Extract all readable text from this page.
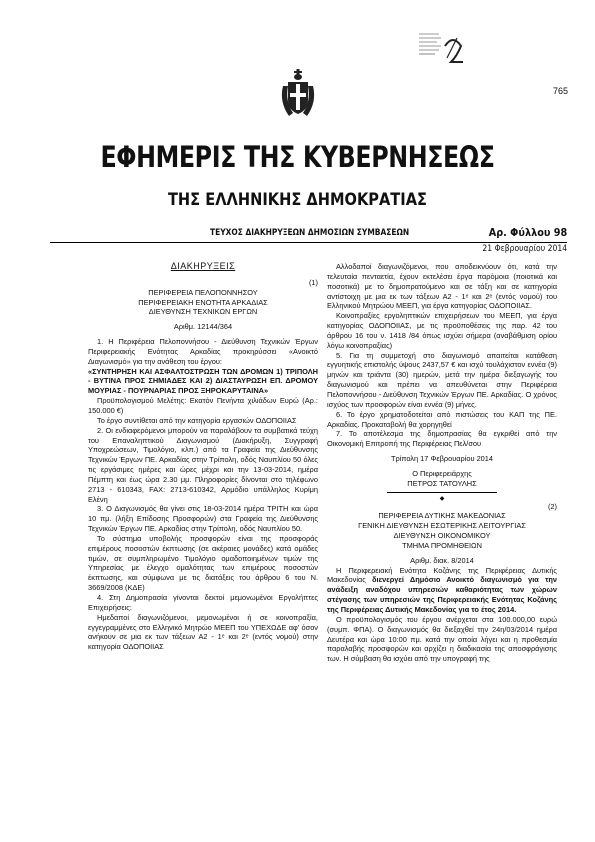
765
ΕΦΗΜΕΡΙΣ ΤΗΣ ΚΥΒΕΡΝΗΣΕΩΣ
ΤΗΣ ΕΛΛΗΝΙΚΗΣ ΔΗΜΟΚΡΑΤΙΑΣ
ΤΕΥΧΟΣ ΔΙΑΚΗΡΥΞΕΩΝ ΔΗΜΟΣΙΩΝ ΣΥΜΒΑΣΕΩΝ	Αρ. Φύλλου 98
21 Φεβρουαρίου 2014

ΔΙΑΚΗΡΥΞΕΙΣ

(1)

ΠΕΡΙΦΕΡΕΙΑ ΠΕΛΟΠΟΝΝΗΣΟΥ

ΠΕΡΙΦΕΡΕΙΑΚΗ ΕΝΟΤΗΤΑ ΑΡΚΑΔΙΑΣ

ΔΙΕΥΘΥΝΣΗ ΤΕΧΝΙΚΩΝ ΕΡΓΩΝ

Αριθμ. 12144/364

1. Η Περιφέρεια Πελοποννήσου - Διεύθυνση Τεχνικών Έργων Περιφερειακής Ενότητας Αρκαδίας προκηρύσσει «Ανοικτό Διαγωνισμό» για την ανάθεση του έργου:

«ΣΥΝΤΗΡΗΣΗ ΚΑΙ ΑΣΦΑΛΤΟΣΤΡΩΣΗ ΤΩΝ ΔΡΟΜΩΝ 1) ΤΡΙΠΟΛΗ - ΒΥΤΙΝΑ ΠΡΟΣ ΣΗΜΙΑΔΕΣ ΚΑΙ 2) ΔΙΑΣΤΑΥΡΩΣΗ ΕΠ. ΔΡΟΜΟΥ ΜΟΥΡΙΑΣ - ΠΟΥΡΝΑΡΙΑΣ ΠΡΟΣ ΞΗΡΟΚΑΡΥΤΑΙΝΑ»

Προϋπολογισμού Μελέτης: Εκατόν Πενήντα χιλιάδων Ευρώ (Αρ.: 150.000 €)

Το έργο συντίθεται από την κατηγορία εργασιών ΟΔΟΠΟΙΙΑΣ

2. Οι ενδιαφερόμενοι μπορούν να παραλάβουν τα συμβατικά τεύχη του Επαναληπτικού Διαγωνισμού (Διακήρυξη, Συγγραφή Υποχρεώσεων, Τιμολόγιο, κλπ.) από τα Γραφεία της Διεύθυνσης Τεχνικών Έργων ΠΕ. Αρκαδίας στην Τρίπολη, οδός Ναυπλίου 50 όλες τις εργάσιμες ημέρες και ώρες μέχρι και την 13-03-2014, ημέρα Πέμπτη και έως ώρα 2.30 μμ. Πληροφορίες δίνονται στο τηλέφωνο 2713 - 610343, FAX: 2713-610342, Αρμόδιο υπάλληλος Κυρίμη Ελένη

3. Ο Διαγωνισμός θα γίνει στις 18-03-2014 ημέρα ΤΡΙΤΗ και ώρα 10 πμ. (λήξη Επίδοσης Προσφορών) στα Γραφεία της Διεύθυνσης Τεχνικών Έργων ΠΕ. Αρκαδίας στην Τρίπολη, οδός Ναυπλίου 50.

Το σύστημα υποβολής προσφορών είναι της προσφοράς επιμέρους ποσοστών έκπτωσης (σε ακέραιες μονάδες) κατά ομάδες τιμών, σε συμπληρωμένο Τιμολόγιο ομαδοποιημένων τιμών της Υπηρεσίας με έλεγχο ομαλότητας των επιμέρους ποσοστών έκπτωσης, και σύμφωνα με τις διατάξεις του άρθρου 6 του Ν. 3669/2008 (ΚΔΕ)

4. Στη Δημοπρασία γίνονται δεκτοί μεμονωμένοι Εργολήπτες Επιχειρήσεις:

Ημεδαποί διαγωνιζόμενοι, μεμονωμένοι ή σε κοινοπραξία, εγγεγραμμένες στο Ελληνικό Μητρώο ΜΕΕΠ του ΥΠΕΧΩΔΕ αφ' όσον ανήκουν σε μια εκ των τάξεων Α2 - 1ᵉ και 2ᵉ (εντός νομού) στην κατηγορία ΟΔΟΠΟΙΙΑΣ

Αλλοδαποί διαγωνιζόμενοι, που αποδεικνύουν ότι, κατά την τελευταία πενταετία, έχουν εκτελέσει έργα παρόμοια (ποιοτικά και ποσοτικά) με το δημοπρατούμενο και σε τάξη και σε κατηγορία αντίστοιχη με μια εκ των τάξεων Α2 - 1ᵉ και 2ᵉ (εντός νομού) του Ελληνικού Μητρώου ΜΕΕΠ, για έργα κατηγορίας ΟΔΟΠΟΙΙΑΣ.

Κοινοπραξίες εργοληπτικών επιχειρήσεων του ΜΕΕΠ, για έργα κατηγορίας ΟΔΟΠΟΙΙΑΣ, με τις προϋποθέσεις της παρ. 42 του άρθρου 16 του ν. 1418 /84 όπως ισχύει σήμερα (αναβάθμιση ορίου λόγω κοινοπραξίας)

5. Για τη συμμετοχή στο διαγωνισμό απαιτείται κατάθεση εγγυητικής επιστολής ύψους 2437,57 € και ισχύ τουλάχιστον εννέα (9) μηνών και τριάντα (30) ημερών, μετά την ημέρα διεξαγωγής του διαγωνισμού και πρέπει να απευθύνεται στην Περιφέρεια Πελοποννήσου - Διεύθυνση Τεχνικών Έργων ΠΕ. Αρκαδίας. Ο χρόνος ισχύος των προσφορών είναι εννέα (9) μήνες.

6. Το έργο χρηματοδοτείται από πιστώσεις του ΚΑΠ της ΠΕ. Αρκαδίας. Προκαταβολή θα χορηγηθεί

7. Το αποτέλεσμα της δημοπρασίας θα εγκριθεί από την Οικονομική Επιτροπή της Περιφέρειας Πελ/σου

Τρίπολη 17 Φεβρουαρίου 2014

Ο Περιφερειάρχης

ΠΕΤΡΟΣ ΤΑΤΟΥΛΗΣ

◆

(2)

ΠΕΡΙΦΕΡΕΙΑ ΔΥΤΙΚΗΣ ΜΑΚΕΔΟΝΙΑΣ

ΓΕΝΙΚΗ ΔΙΕΥΘΥΝΣΗ ΕΣΩΤΕΡΙΚΗΣ ΛΕΙΤΟΥΡΓΙΑΣ

ΔΙΕΥΘΥΝΣΗ ΟΙΚΟΝΟΜΙΚΟΥ

ΤΜΗΜΑ ΠΡΟΜΗΘΕΙΩΝ

Αριθμ. διακ. 8/2014

Η Περιφερειακή Ενότητα Κοζάνης της Περιφέρειας Δυτικής Μακεδονίας διενεργεί Δημόσιο Ανοικτό διαγωνισμό για την ανάδειξη αναδόχου υπηρεσιών καθαριότητας των χώρων στέγασης των υπηρεσιών της Περιφερειακής Ενότητας Κοζάνης της Περιφέρειας Δυτικής Μακεδονίας για το έτος 2014.

Ο προϋπολογισμός του έργου ανέρχεται στα 100.000,00 ευρώ (συμπ. ΦΠΑ). Ο διαγωνισμός θα διεξαχθεί την 24η/03/2014 ημέρα Δευτέρα και ώρα 10:00 πμ. κατά την οποία λήγει και η προθεσμία παραλαβής προσφορών και αρχίζει η διαδικασία της αποσφράγισης των. Η σύμβαση θα ισχύει από την υπογραφή της
